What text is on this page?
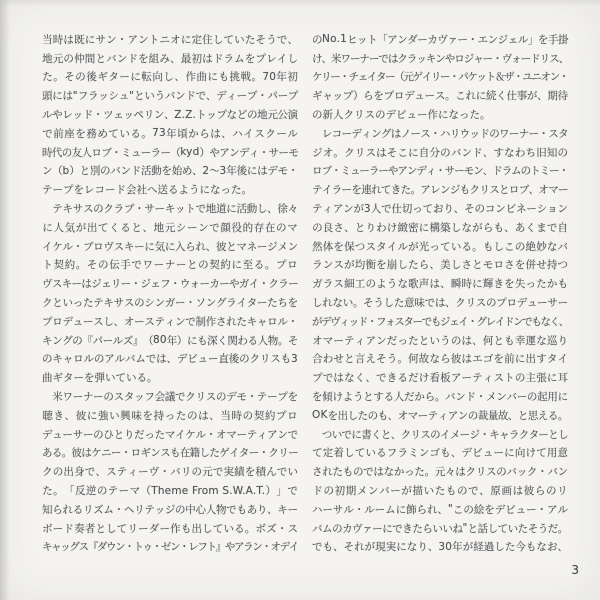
当 時 は 既 に サ ン ・ ア ン ト ニ オ に 定 住 し て い た そ う で 、
地 元 の 仲 間 と バ ン ド を 組 み 、 最 初 は ド ラ ム を プ レ イ し
た 。 そ の 後 ギ タ ー に 転 向 し 、 作 曲 に も 挑 戦 。 70 年 初
頭 に は " フ ラ ッ シ ュ " と い う バ ン ド で 、 デ ィ ー プ ・ パ ー プ
ル や レ ッ ド ・ ツ ェ ッ ペ リ ン 、 Z.Z. ト ッ プ な ど の 地 元 公 演
で 前 座 を 務 め て い る 。 73 年 頃 か ら は 、 ハ イ ス ク ー ル
時 代 の 友 人 ロ ブ ・ ミ ュ ー ラ ー （ kyd ） や ア ン デ ィ ・ サ ー モ
ン （ b ） と 別 の バ ン ド 活 動 を 始 め 、 2 ～ 3 年 後 に は デ モ ・
テ ー プ を レ コ ー ド 会 社 へ 送 る よ う に な っ た 。

テ キ サ ス の ク ラ ブ ・ サ ー キ ッ ト で 地 道 に 活 動 し 、 徐 々
に 人 気 が 出 て く る と 、 地 元 シ ー ン で 顔 役 的 存 在 の マ
イ ケ ル ・ ブ ロ ヴ ス キ ー に 気 に 入 ら れ 、 彼 と マ ネ ー ジ メ ン
ト 契 約 。 そ の 伝 手 で ワ ー ナ ー と の 契 約 に 至 る 。 プ ロ
ヴ ス キ ー は ジ ェ リ ー ・ ジ ェ フ ・ ウ ォ ー カ ー や ガ イ ・ ク ラ ー
ク と い っ た テ キ サ ス の シ ン ガ ー ・ ソ ン グ ラ イ タ ー た ち を
プ ロ デ ュ ー ス し 、 オ ー ス テ ィ ン で 制 作 さ れ た キ ャ ロ ル ・
キ ン グ の 『 パ ー ル ズ 』 （ 80 年 ） に も 深 く 関 わ る 人 物 。 そ
の キ ャ ロ ル の ア ル バ ム で は 、 デ ビ ュ ー 直 後 の ク リ ス も 3
曲 ギ タ ー を 弾 い て い る 。

米 ワ ー ナ ー の ス タ ッ フ 会 議 で ク リ ス の デ モ ・ テ ー プ を
聴 き 、 彼 に 強 い 興 味 を 持 っ た の は 、 当 時 の 契 約 プ ロ
デ ュ ー サ ー の ひ と り だ っ た マ イ ケ ル ・ オ マ ー テ ィ ア ン で
あ る 。 彼 は ケ ニ ー ・ ロ ギ ン ス も 在 籍 し た ゲ イ タ ー ・ ク リ ー
ク の 出 身 で 、 ス テ ィ ー ヴ ・ バ リ の 元 で 実 績 を 積 ん で い
た 。 「 反 逆 の テ ー マ （ Theme From S.W.A.T. ） 」 で
知 ら れ る リ ズ ム ・ ヘ リ テ ッ ジ の 中 心 人 物 で も あ り 、 キ ー
ボ ー ド 奏 者 と し て リ ー ダ ー 作 も 出 し て い る 。 ボ ズ ・ ス
キ
ャ
ッ
グ
ス
『
ダ
ウ
ン
・
ト
ゥ
・
ゼ
ン
・
レ
フ
ト
』
や
ア
ラ
ン
・
オ
デ
イ
の No.1 ヒ ッ ト 「 ア ン ダ ー カ ヴ ァ ー ・ エ ン ジ ェ ル 」 を 手 掛
け
、
米
ワ
ー
ナ
ー
で
は
ク
ラ
ッ
キ
ン
や
ロ
ジ
ャ
ー
・
ヴ
ォ
ー
ド
リ
ス
、
ケ
リ
ー
・
チ
ェ
イ
タ
ー
（
元
ゲ
イ
リ
ー
・
パ
ケ
ッ
ト
＆
ザ
・
ユ
ニ
オ
ン
・
ギ ャ ッ プ ） ら を プ ロ デ ュ ー ス 。 こ れ に 続 く 仕 事 が 、 期 待
の 新 人 ク リ ス の デ ビ ュ ー 作 に な っ た 。

レ コ ー デ ィ ン グ は ノ ー ス ・ ハ リ ウ ッ ド の ワ ー ナ ー ・ ス タ
ジ オ 。 ク リ ス は そ こ に 自 分 の バ ン ド 、 す な わ ち 旧 知 の
ロ
ブ
・
ミ
ュ
ー
ラ
ー
や
ア
ン
デ
ィ
・
サ
ー
モ
ン
、
ド
ラ
ム
の
ト
ミ
ー
・
テ イ ラ ー を 連 れ て き た 。 ア レ ン ジ も ク リ ス と ロ ブ 、 オ マ ー
テ ィ ア ン が 3 人 で 仕 切 っ て お り 、 そ の コ ン ビ ネ ー シ ョ ン
の 良 さ 、 と り わ け 緻 密 に 構 築 し な が ら も 、 あ く ま で 自
然 体 を 保 つ ス タ イ ル が 光 っ て い る 。 も し こ の 絶 妙 な バ
ラ ン ス が 均 衡 を 崩 し た ら 、 美 し さ と モ ロ さ を 併 せ 持 つ
ガ ラ ス 細 工 の よ う な 歌 声 は 、 瞬 時 に 輝 き を 失 っ た か も
し れ な い 。 そ う し た 意 味 で は 、 ク リ ス の プ ロ デ ュ ー サ ー
が
デ
ヴ
ィ
ッ
ド
・
フ
ォ
ス
タ
ー
で
も
ジ
ェ
イ
・
グ
レ
イ
ド
ン
で
も
な
く
、
オ マ ー テ ィ ア ン だ っ た と い う の は 、 何 と も 幸 運 な 巡 り
合 わ せ と 言 え そ う 。 何 故 な ら 彼 は エ ゴ を 前 に 出 す タ イ
プ で は な く 、 で き る だ け 看 板 ア ー テ ィ ス ト の 主 張 に 耳
を 傾 け よ う と す る 人 だ か ら 。 バ ン ド ・ メ ン バ ー の 起 用 に
OK を 出 し た の も 、 オ マ ー テ ィ ア ン の 裁 量 故 、 と 思 え る 。

つ い で に 書 く と 、 ク リ ス の イ メ ー ジ ・ キ ャ ラ ク タ ー と し
て 定 着 し て い る フ ラ ミ ン ゴ も 、 デ ビ ュ ー に 向 け て 用 意
さ れ た も の で は な か っ た 。 元 々 は ク リ ス の バ ッ ク ・ バ ン
ド の 初 期 メ ン バ ー が 描 い た も の で 、 原 画 は 彼 ら の リ
ハ ー サ ル ・ ル ー ム に 飾 ら れ 、 " こ の 絵 を デ ビ ュ ー ・ ア ル
バ ム の カ ヴ ァ ー に で き た ら い い ね " と 話 し て い た そ う だ 。
で も 、 そ れ が 現 実 に な り 、 30 年 が 経 過 し た 今 も な お 、
3
